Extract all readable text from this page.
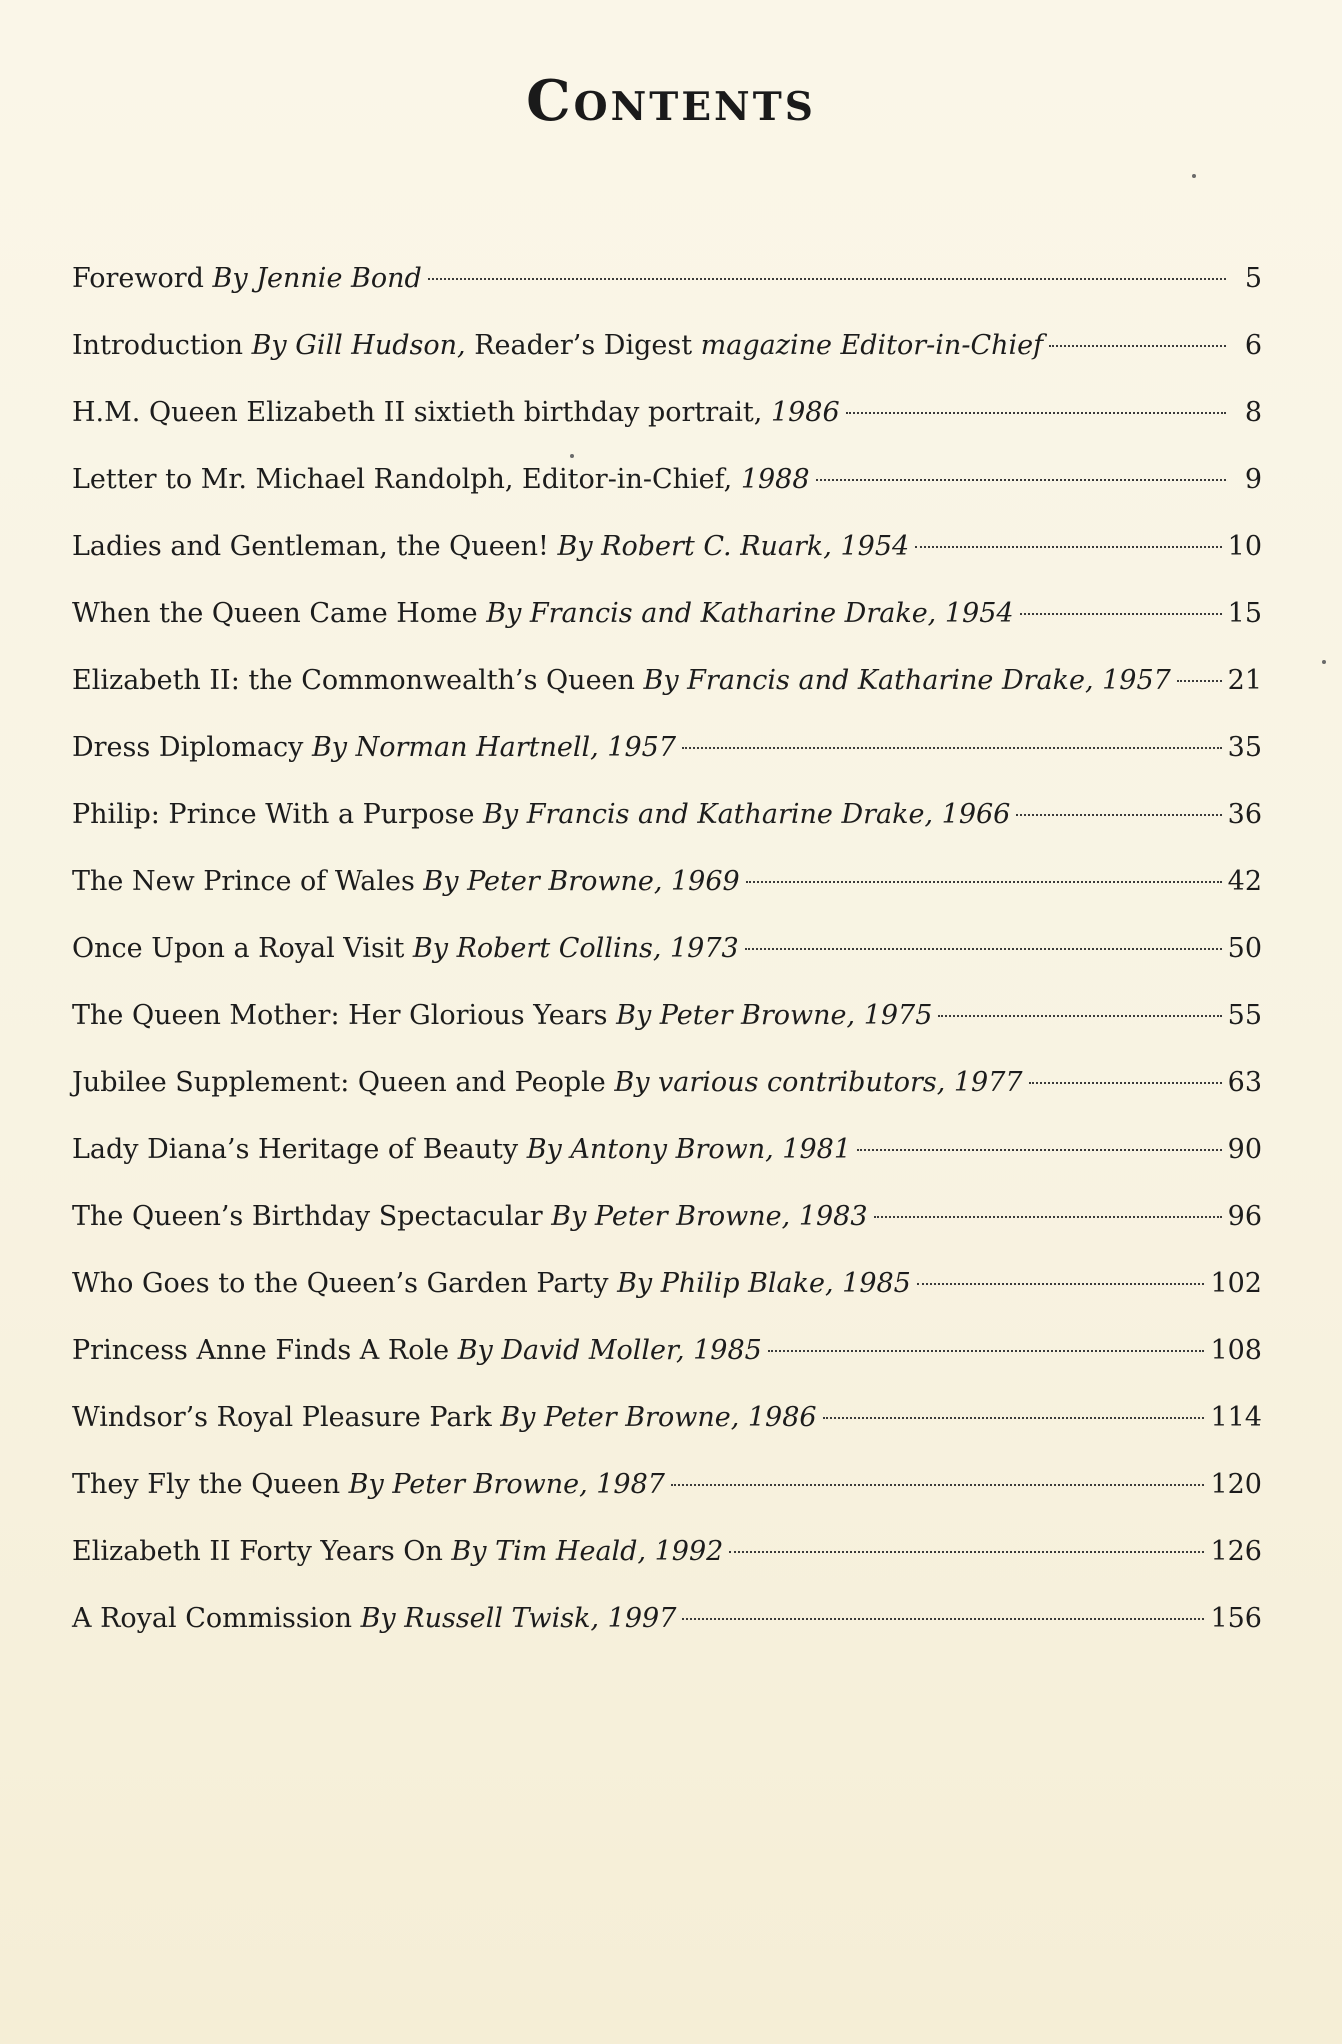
Contents
Foreword By Jennie Bond	5
Introduction By Gill Hudson, Reader’s Digest magazine Editor-in-Chief	6
H.M. Queen Elizabeth II sixtieth birthday portrait, 1986	8
Letter to Mr. Michael Randolph, Editor-in-Chief, 1988	9
Ladies and Gentleman, the Queen! By Robert C. Ruark, 1954	10
When the Queen Came Home By Francis and Katharine Drake, 1954	15
Elizabeth II: the Commonwealth’s Queen By Francis and Katharine Drake, 1957 21
Dress Diplomacy By Norman Hartnell, 1957	35
Philip: Prince With a Purpose By Francis and Katharine Drake, 1966	36
The New Prince of Wales By Peter Browne, 1969	42
Once Upon a Royal Visit By Robert Collins, 1973	50
The Queen Mother: Her Glorious Years By Peter Browne, 1975	55
Jubilee Supplement: Queen and People By various contributors, 1977	63
Lady Diana’s Heritage of Beauty By Antony Brown, 1981	90
The Queen’s Birthday Spectacular By Peter Browne, 1983	96
Who Goes to the Queen’s Garden Party By Philip Blake, 1985	102
Princess Anne Finds A Role By David Moller, 1985	108
Windsor’s Royal Pleasure Park By Peter Browne, 1986	114
They Fly the Queen By Peter Browne, 1987	120
Elizabeth II Forty Years On By Tim Heald, 1992	126
A Royal Commission By Russell Twisk, 1997	156
